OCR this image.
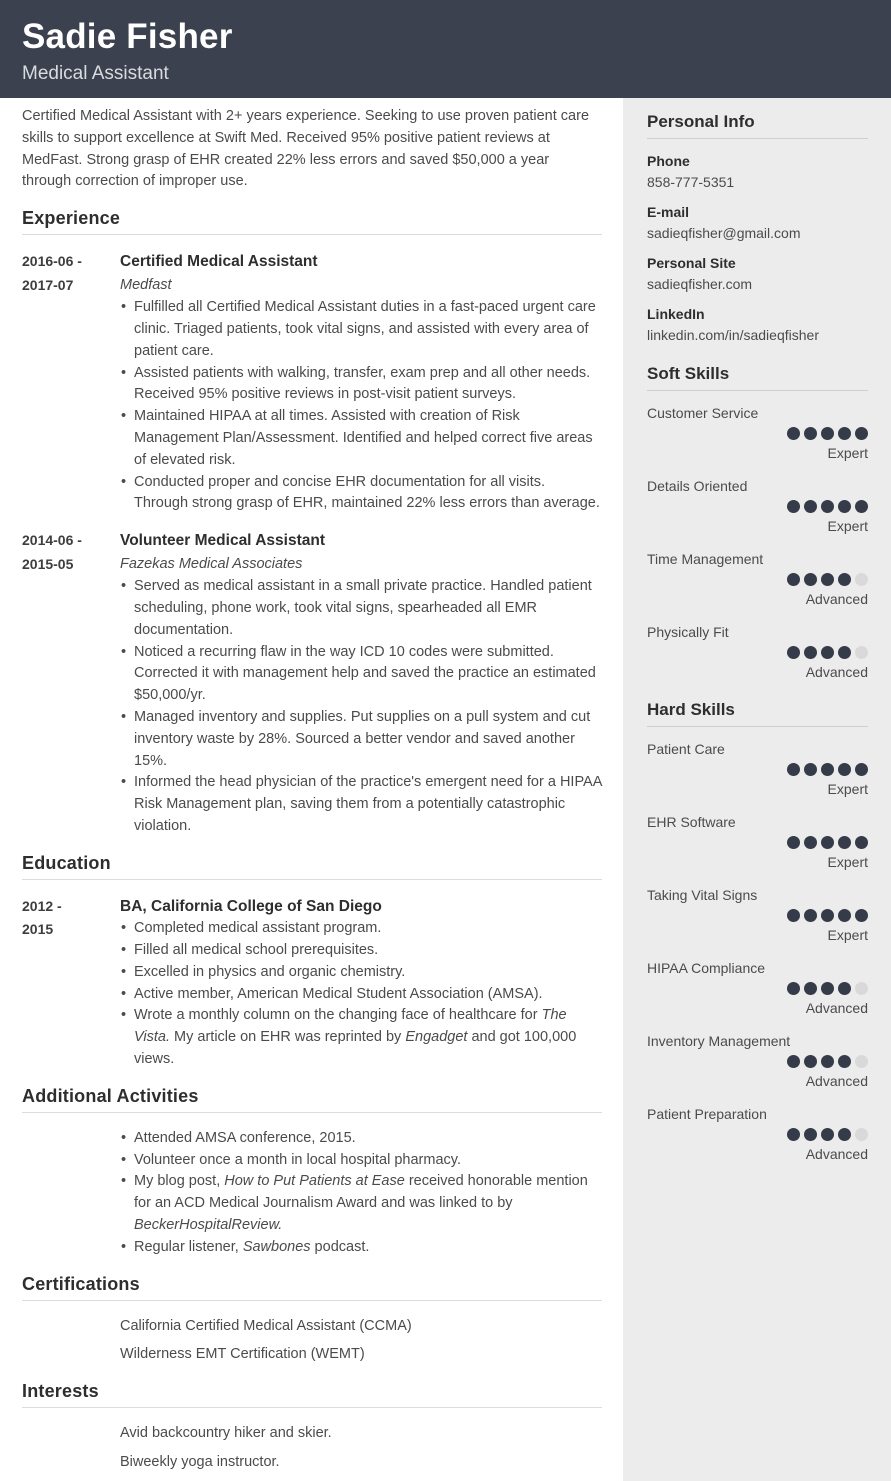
Sadie Fisher
Medical Assistant

Certified Medical Assistant with 2+ years experience. Seeking to use proven patient care skills to support excellence at Swift Med. Received 95% positive patient reviews at MedFast. Strong grasp of EHR created 22% less errors and saved $50,000 a year through correction of improper use.

Experience
2016-06 -
2017-07
Certified Medical Assistant
Medfast
• Fulfilled all Certified Medical Assistant duties in a fast-paced urgent care clinic. Triaged patients, took vital signs, and assisted with every area of patient care.
• Assisted patients with walking, transfer, exam prep and all other needs. Received 95% positive reviews in post-visit patient surveys.
• Maintained HIPAA at all times. Assisted with creation of Risk Management Plan/Assessment. Identified and helped correct five areas of elevated risk.
• Conducted proper and concise EHR documentation for all visits. Through strong grasp of EHR, maintained 22% less errors than average.
2014-06 -
2015-05
Volunteer Medical Assistant
Fazekas Medical Associates
• Served as medical assistant in a small private practice. Handled patient scheduling, phone work, took vital signs, spearheaded all EMR documentation.
• Noticed a recurring flaw in the way ICD 10 codes were submitted. Corrected it with management help and saved the practice an estimated $50,000/yr.
• Managed inventory and supplies. Put supplies on a pull system and cut inventory waste by 28%. Sourced a better vendor and saved another 15%.
• Informed the head physician of the practice's emergent need for a HIPAA Risk Management plan, saving them from a potentially catastrophic violation.
Education
2012 -
2015
BA, California College of San Diego
• Completed medical assistant program.
• Filled all medical school prerequisites.
• Excelled in physics and organic chemistry.
• Active member, American Medical Student Association (AMSA).
• Wrote a monthly column on the changing face of healthcare for The Vista. My article on EHR was reprinted by Engadget and got 100,000 views.
Additional Activities
• Attended AMSA conference, 2015.
• Volunteer once a month in local hospital pharmacy.
• My blog post, How to Put Patients at Ease received honorable mention for an ACD Medical Journalism Award and was linked to by BeckerHospitalReview.
• Regular listener, Sawbones podcast.
Certifications
California Certified Medical Assistant (CCMA)
Wilderness EMT Certification (WEMT)
Interests
Avid backcountry hiker and skier.
Biweekly yoga instructor.
Personal Info
Phone
858-777-5351
E-mail
sadieqfisher@gmail.com
Personal Site
sadieqfisher.com
LinkedIn
linkedin.com/in/sadieqfisher
Soft Skills
Customer Service
Expert
Details Oriented
Expert
Time Management
Advanced
Physically Fit
Advanced
Hard Skills
Patient Care
Expert
EHR Software
Expert
Taking Vital Signs
Expert
HIPAA Compliance
Advanced
Inventory Management
Advanced
Patient Preparation
Advanced
